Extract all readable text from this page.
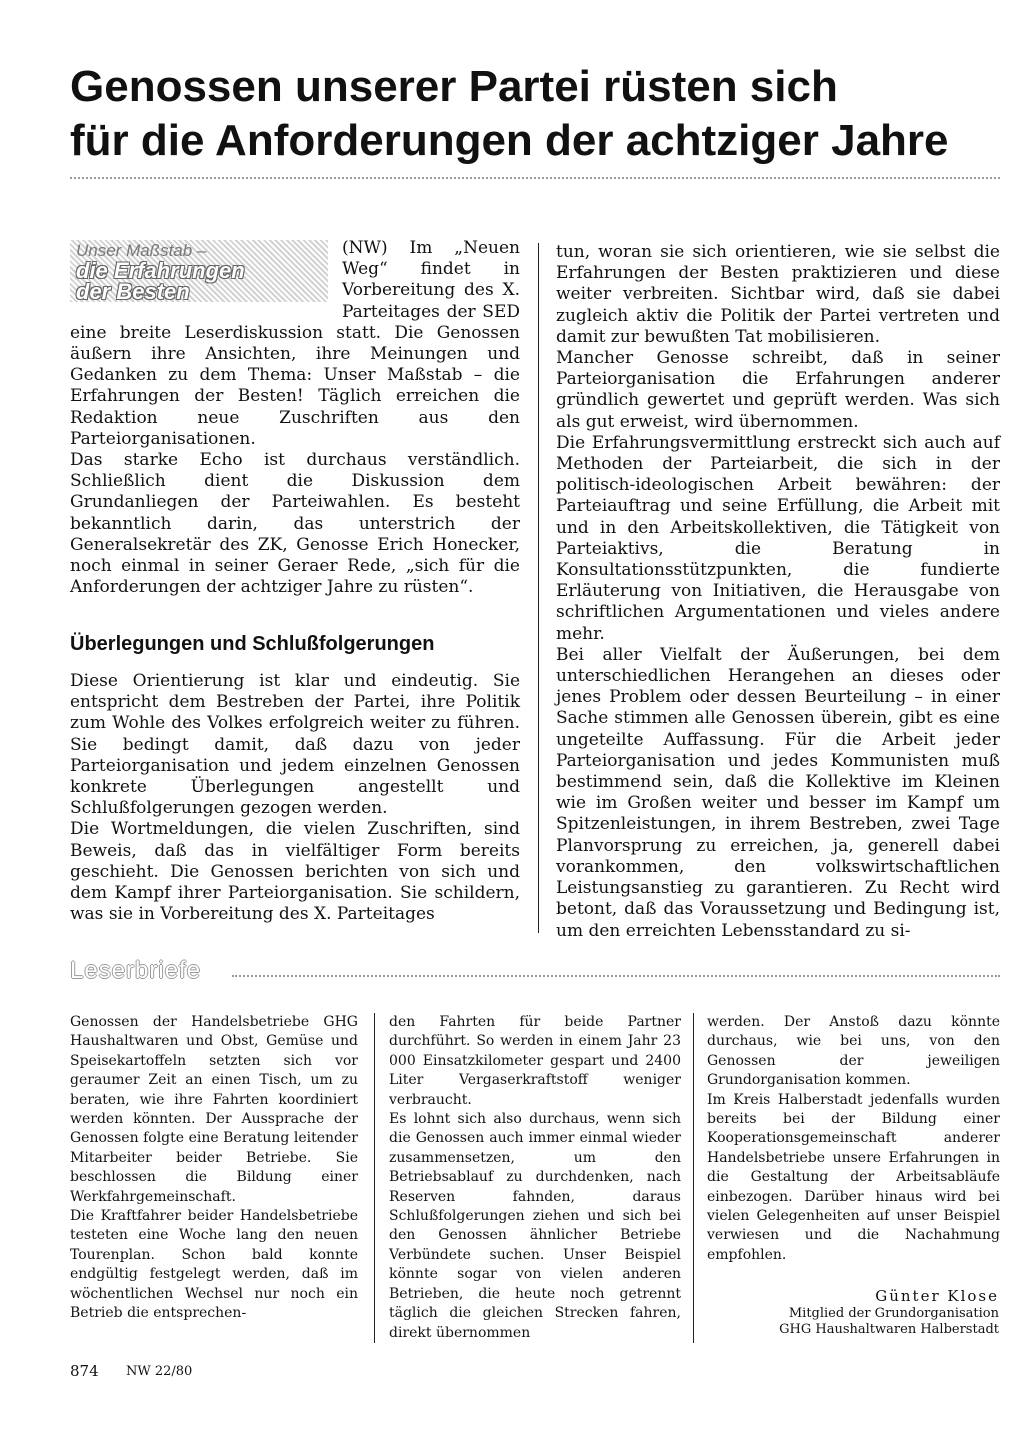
Genossen unserer Partei rüsten sich
für die Anforderungen der achtziger Jahre
Unser Maßstab –
die Erfahrungen
der Besten

(NW) Im „Neuen Weg“ findet in Vorbereitung des X. Parteitages der SED eine breite Leserdiskussion statt. Die Genossen äußern ihre Ansichten, ihre Meinungen und Gedanken zu dem Thema: Unser Maßstab – die Erfahrungen der Besten! Täglich erreichen die Redaktion neue Zuschriften aus den Parteiorganisationen.

Das starke Echo ist durchaus verständlich. Schließlich dient die Diskussion dem Grundanliegen der Parteiwahlen. Es besteht bekanntlich darin, das unterstrich der Generalsekretär des ZK, Genosse Erich Honecker, noch einmal in seiner Geraer Rede, „sich für die Anforderungen der achtziger Jahre zu rüsten“.

Überlegungen und Schlußfolgerungen

Diese Orientierung ist klar und eindeutig. Sie entspricht dem Bestreben der Partei, ihre Politik zum Wohle des Volkes erfolgreich weiter zu führen. Sie bedingt damit, daß dazu von jeder Parteiorganisation und jedem einzelnen Genossen konkrete Überlegungen angestellt und Schlußfolgerungen gezogen werden.

Die Wortmeldungen, die vielen Zuschriften, sind Beweis, daß das in vielfältiger Form bereits geschieht. Die Genossen berichten von sich und dem Kampf ihrer Parteiorganisation. Sie schildern, was sie in Vorbereitung des X. Parteitages

tun, woran sie sich orientieren, wie sie selbst die Erfahrungen der Besten praktizieren und diese weiter verbreiten. Sichtbar wird, daß sie dabei zugleich aktiv die Politik der Partei vertreten und damit zur bewußten Tat mobilisieren.

Mancher Genosse schreibt, daß in seiner Parteiorganisation die Erfahrungen anderer gründlich gewertet und geprüft werden. Was sich als gut erweist, wird übernommen.

Die Erfahrungsvermittlung erstreckt sich auch auf Methoden der Parteiarbeit, die sich in der politisch-ideologischen Arbeit bewähren: der Parteiauftrag und seine Erfüllung, die Arbeit mit und in den Arbeitskollektiven, die Tätigkeit von Parteiaktivs, die Beratung in Konsultationsstützpunkten, die fundierte Erläuterung von Initiativen, die Herausgabe von schriftlichen Argumentationen und vieles andere mehr.

Bei aller Vielfalt der Äußerungen, bei dem unterschiedlichen Herangehen an dieses oder jenes Problem oder dessen Beurteilung – in einer Sache stimmen alle Genossen überein, gibt es eine ungeteilte Auffassung. Für die Arbeit jeder Parteiorganisation und jedes Kommunisten muß bestimmend sein, daß die Kollektive im Kleinen wie im Großen weiter und besser im Kampf um Spitzenleistungen, in ihrem Bestreben, zwei Tage Planvorsprung zu erreichen, ja, generell dabei vorankommen, den volkswirtschaftlichen Leistungsanstieg zu garantieren. Zu Recht wird betont, daß das Voraussetzung und Bedingung ist, um den erreichten Lebensstandard zu si-

Leserbriefe

Genossen der Handelsbetriebe GHG Haushaltwaren und Obst, Gemüse und Speisekartoffeln setzten sich vor geraumer Zeit an einen Tisch, um zu beraten, wie ihre Fahrten koordiniert werden könnten. Der Aussprache der Genossen folgte eine Beratung leitender Mitarbeiter beider Betriebe. Sie beschlossen die Bildung einer Werkfahrgemeinschaft.

Die Kraftfahrer beider Handelsbetriebe testeten eine Woche lang den neuen Tourenplan. Schon bald konnte endgültig festgelegt werden, daß im wöchentlichen Wechsel nur noch ein Betrieb die entsprechen-

den Fahrten für beide Partner durchführt. So werden in einem Jahr 23 000 Einsatzkilometer gespart und 2400 Liter Vergaserkraftstoff weniger verbraucht.

Es lohnt sich also durchaus, wenn sich die Genossen auch immer einmal wieder zusammensetzen, um den Betriebsablauf zu durchdenken, nach Reserven fahnden, daraus Schlußfolgerungen ziehen und sich bei den Genossen ähnlicher Betriebe Verbündete suchen. Unser Beispiel könnte sogar von vielen anderen Betrieben, die heute noch getrennt täglich die gleichen Strecken fahren, direkt übernommen

werden. Der Anstoß dazu könnte durchaus, wie bei uns, von den Genossen der jeweiligen Grundorganisation kommen.

Im Kreis Halberstadt jedenfalls wurden bereits bei der Bildung einer Kooperationsgemeinschaft anderer Handelsbetriebe unsere Erfahrungen in die Gestaltung der Arbeitsabläufe einbezogen. Darüber hinaus wird bei vielen Gelegenheiten auf unser Beispiel verwiesen und die Nachahmung empfohlen.

Günter Klose
Mitglied der Grundorganisation
GHG Haushaltwaren Halberstadt
874 NW 22/80
